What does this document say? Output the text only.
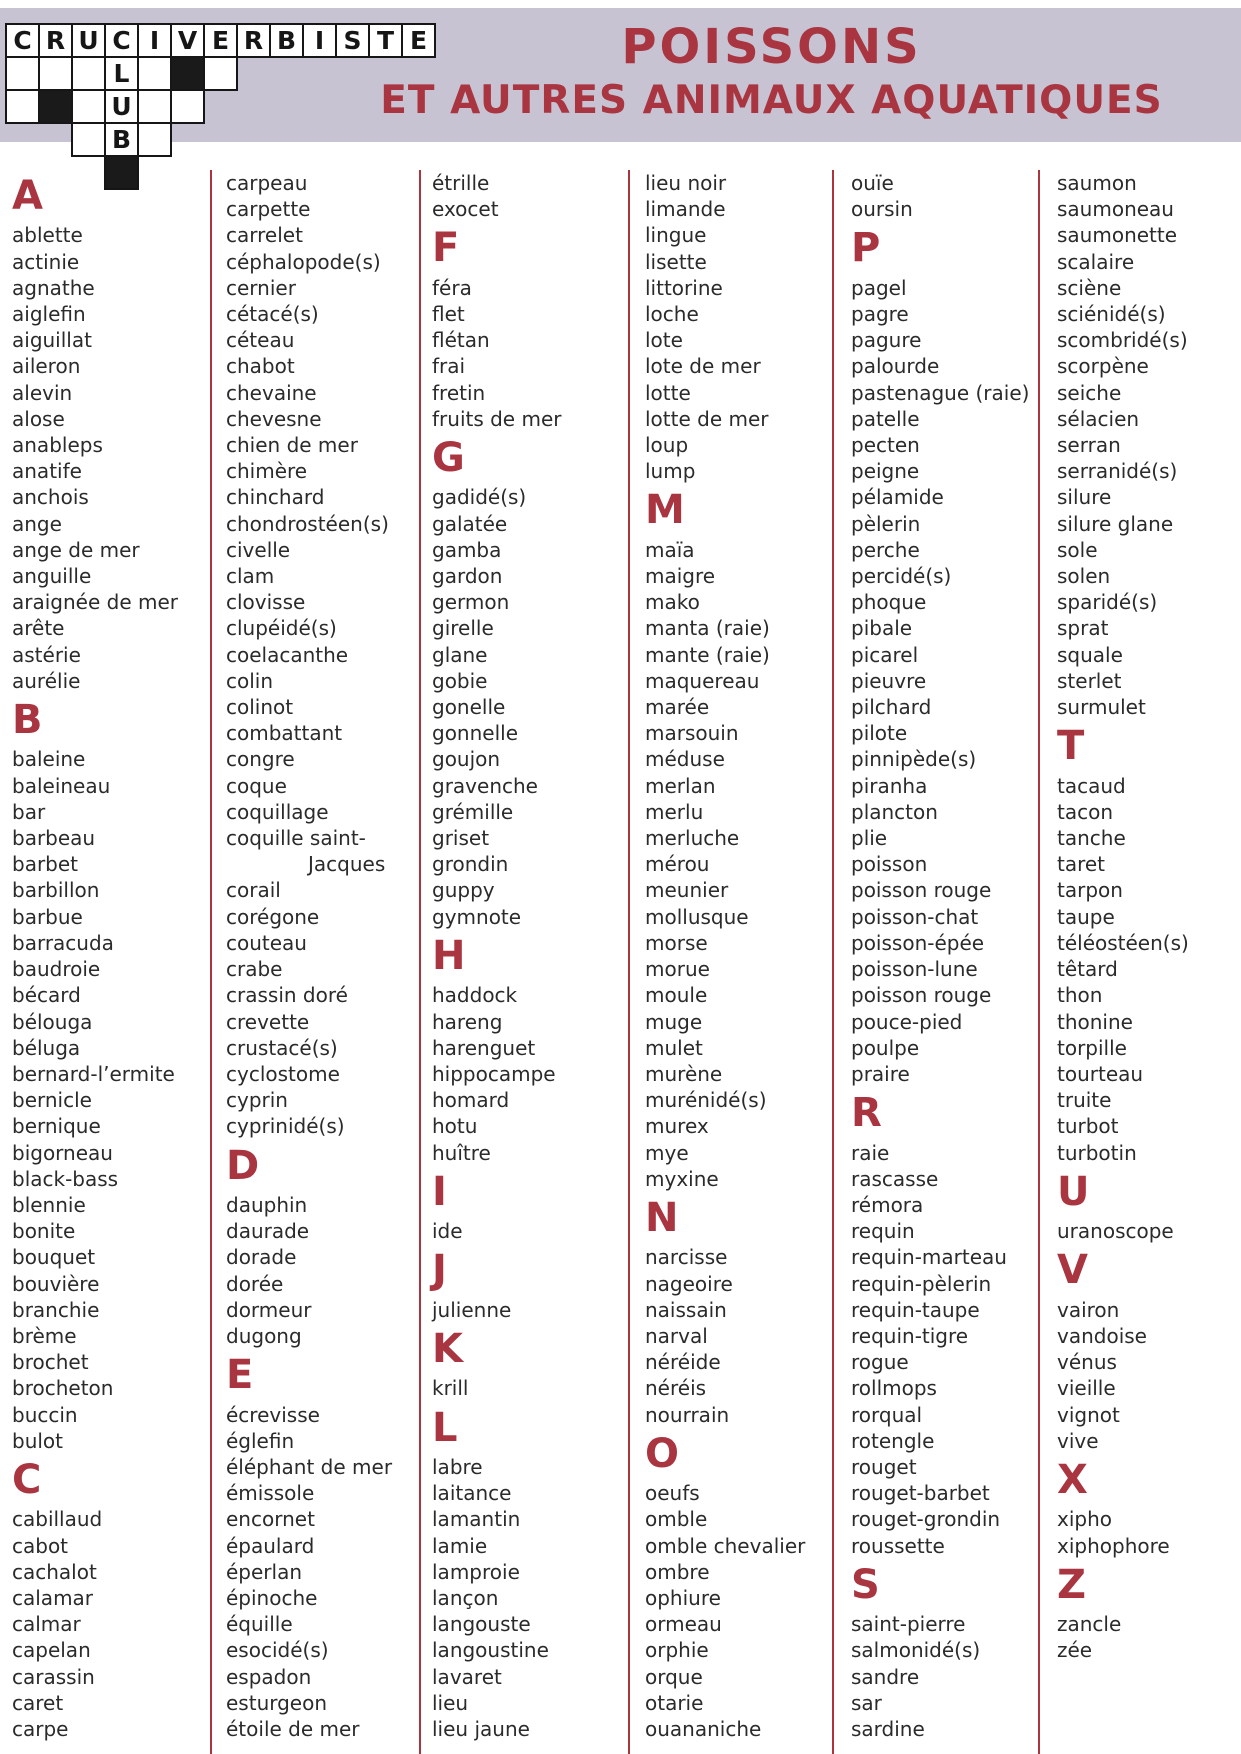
C R U C I V E R B I S T E
L
U
B
POISSONS
ET AUTRES ANIMAUX AQUATIQUES
A
ablette
actinie
agnathe
aiglefin
aiguillat
aileron
alevin
alose
anableps
anatife
anchois
ange
ange de mer
anguille
araignée de mer
arête
astérie
aurélie
B
baleine
baleineau
bar
barbeau
barbet
barbillon
barbue
barracuda
baudroie
bécard
bélouga
béluga
bernard-l’ermite
bernicle
bernique
bigorneau
black-bass
blennie
bonite
bouquet
bouvière
branchie
brème
brochet
brocheton
buccin
bulot
C
cabillaud
cabot
cachalot
calamar
calmar
capelan
carassin
caret
carpe
carpeau
carpette
carrelet
céphalopode(s)
cernier
cétacé(s)
céteau
chabot
chevaine
chevesne
chien de mer
chimère
chinchard
chondrostéen(s)
civelle
clam
clovisse
clupéidé(s)
coelacanthe
colin
colinot
combattant
congre
coque
coquillage
coquille saint-
Jacques
corail
corégone
couteau
crabe
crassin doré
crevette
crustacé(s)
cyclostome
cyprin
cyprinidé(s)
D
dauphin
daurade
dorade
dorée
dormeur
dugong
E
écrevisse
églefin
éléphant de mer
émissole
encornet
épaulard
éperlan
épinoche
équille
esocidé(s)
espadon
esturgeon
étoile de mer
étrille
exocet
F
féra
flet
flétan
frai
fretin
fruits de mer
G
gadidé(s)
galatée
gamba
gardon
germon
girelle
glane
gobie
gonelle
gonnelle
goujon
gravenche
grémille
griset
grondin
guppy
gymnote
H
haddock
hareng
harenguet
hippocampe
homard
hotu
huître
I
ide
J
julienne
K
krill
L
labre
laitance
lamantin
lamie
lamproie
lançon
langouste
langoustine
lavaret
lieu
lieu jaune
lieu noir
limande
lingue
lisette
littorine
loche
lote
lote de mer
lotte
lotte de mer
loup
lump
M
maïa
maigre
mako
manta (raie)
mante (raie)
maquereau
marée
marsouin
méduse
merlan
merlu
merluche
mérou
meunier
mollusque
morse
morue
moule
muge
mulet
murène
murénidé(s)
murex
mye
myxine
N
narcisse
nageoire
naissain
narval
néréide
néréis
nourrain
O
oeufs
omble
omble chevalier
ombre
ophiure
ormeau
orphie
orque
otarie
ouananiche
ouïe
oursin
P
pagel
pagre
pagure
palourde
pastenague (raie)
patelle
pecten
peigne
pélamide
pèlerin
perche
percidé(s)
phoque
pibale
picarel
pieuvre
pilchard
pilote
pinnipède(s)
piranha
plancton
plie
poisson
poisson rouge
poisson-chat
poisson-épée
poisson-lune
poisson rouge
pouce-pied
poulpe
praire
R
raie
rascasse
rémora
requin
requin-marteau
requin-pèlerin
requin-taupe
requin-tigre
rogue
rollmops
rorqual
rotengle
rouget
rouget-barbet
rouget-grondin
roussette
S
saint-pierre
salmonidé(s)
sandre
sar
sardine
saumon
saumoneau
saumonette
scalaire
sciène
sciénidé(s)
scombridé(s)
scorpène
seiche
sélacien
serran
serranidé(s)
silure
silure glane
sole
solen
sparidé(s)
sprat
squale
sterlet
surmulet
T
tacaud
tacon
tanche
taret
tarpon
taupe
téléostéen(s)
têtard
thon
thonine
torpille
tourteau
truite
turbot
turbotin
U
uranoscope
V
vairon
vandoise
vénus
vieille
vignot
vive
X
xipho
xiphophore
Z
zancle
zée
